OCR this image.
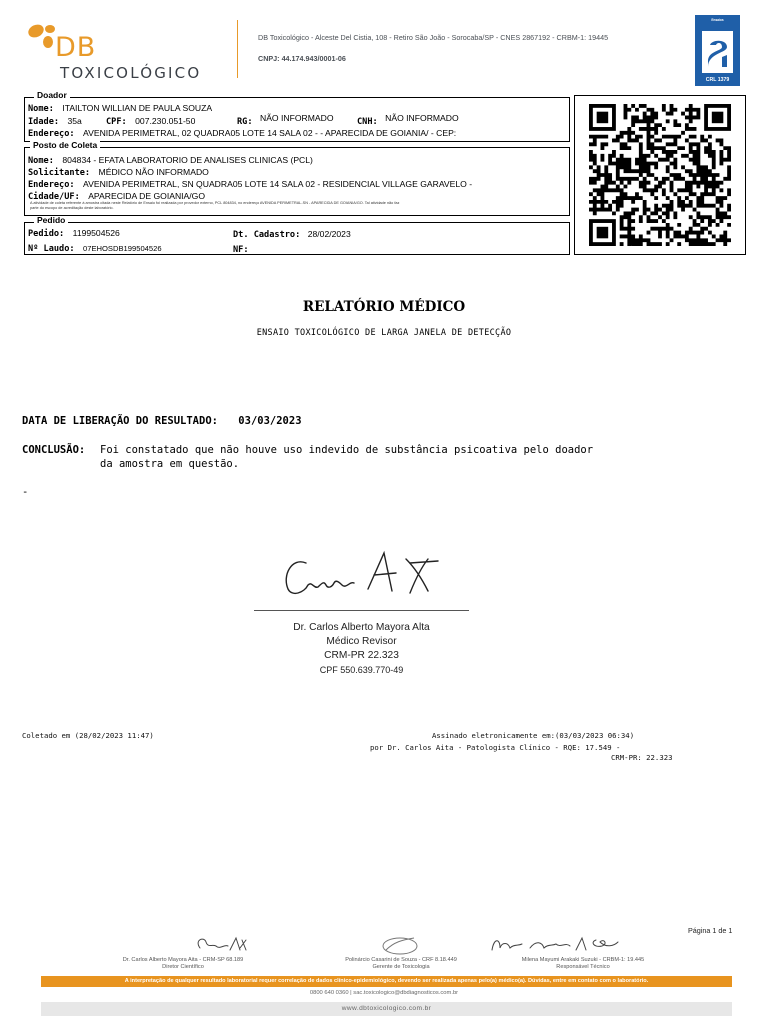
DB
TOXICOLÓGICO
DB Toxicológico - Alceste Del Cistia, 108 - Retiro São João - Sorocaba/SP - CNES 2867192 - CRBM-1: 19445
CNPJ: 44.174.943/0001-06
Ensaios
CRL 1379
Doador
Nome: ITAILTON WILLIAN DE PAULA SOUZA
Idade: 35a	CPF: 007.230.051-50	RG: NÃO INFORMADO	CNH: NÃO INFORMADO
Endereço: AVENIDA PERIMETRAL, 02 QUADRA05 LOTE 14 SALA 02 - - APARECIDA DE GOIANIA/ - CEP:
Posto de Coleta
Nome: 804834 - EFATA LABORATORIO DE ANALISES CLINICAS (PCL)
Solicitante: MÉDICO NÃO INFORMADO
Endereço: AVENIDA PERIMETRAL, SN QUADRA05 LOTE 14 SALA 02 - RESIDENCIAL VILLAGE GARAVELO -
Cidade/UF: APARECIDA DE GOIANIA/GO
A atividade de coleta referente à amostra citada neste Relatório de Ensaio foi realizada por provedor externo, PCL 804834, no endereço AVENIDA PERIMETRAL-SN - APARECIDA DE GOIANIA/GO. Tal atividade não faz
parte do escopo de acreditação deste laboratório.
Pedido
Pedido: 1199504526	Dt. Cadastro: 28/02/2023
Nº Laudo: 07EHOSDB199504526	NF:
RELATÓRIO MÉDICO
ENSAIO TOXICOLÓGICO DE LARGA JANELA DE DETECÇÃO
DATA DE LIBERAÇÃO DO RESULTADO: 03/03/2023
CONCLUSÃO: Foi constatado que não houve uso indevido de substância psicoativa pelo doador
da amostra em questão.
-
Dr. Carlos Alberto Mayora Alta
Médico Revisor
CRM-PR 22.323
CPF 550.639.770-49
Coletado em (28/02/2023 11:47)	Assinado eletronicamente em:(03/03/2023 06:34)
por Dr. Carlos Aita - Patologista Clínico - RQE: 17.549 -
CRM-PR: 22.323
Página 1 de 1
Dr. Carlos Alberto Mayora Aita - CRM-SP 68.189
Diretor Científico
Polinárcio Casarini de Souza - CRF 8.18.449
Gerente de Toxicologia
Milena Mayumi Arakaki Suzuki - CRBM-1: 19.445
Responsável Técnico
A interpretação de qualquer resultado laboratorial requer correlação de dados clínico-epidemiológico, devendo ser realizada apenas pelo(a) médico(a). Dúvidas, entre em contato com o laboratório.
0800 640 0360 | sac.toxicologico@dbdiagnosticos.com.br
www.dbtoxicologico.com.br
